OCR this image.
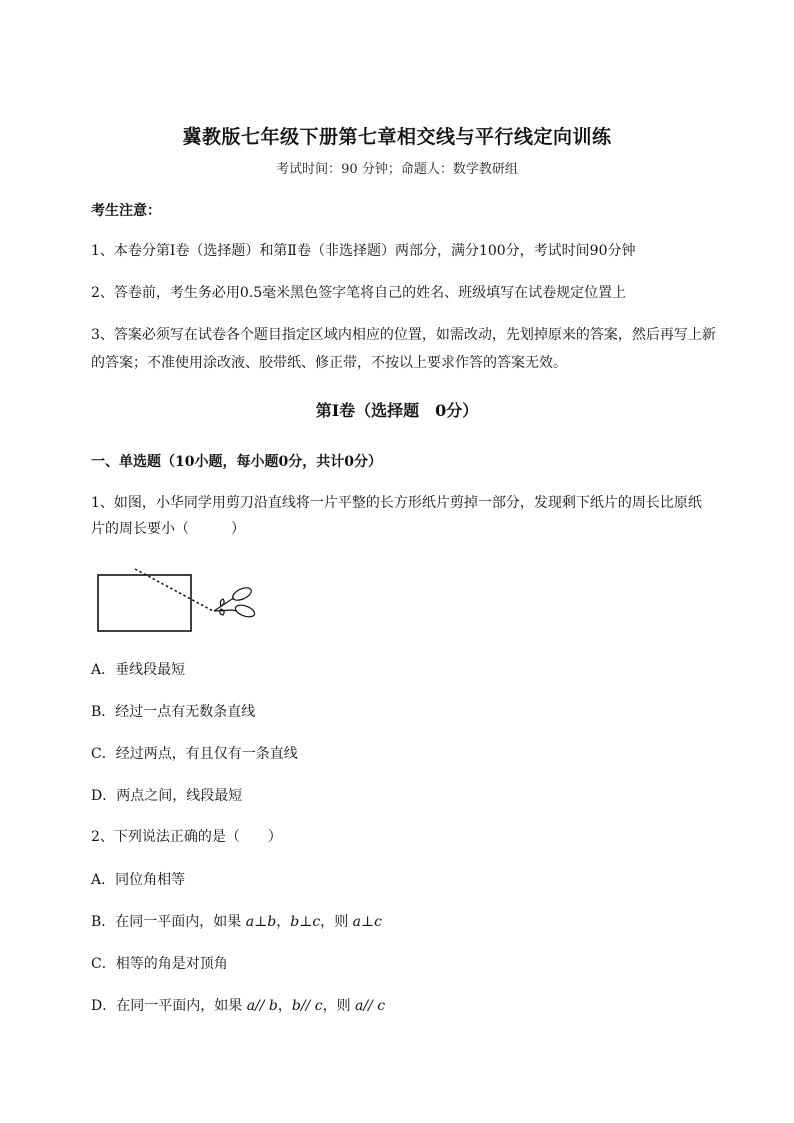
冀教版七年级下册第七章相交线与平行线定向训练
考试时间：90 分钟；命题人：数学教研组
考生注意：
1、本卷分第Ⅰ卷（选择题）和第Ⅱ卷（非选择题）两部分，满分100分，考试时间90分钟
2、答卷前，考生务必用0.5毫米黑色签字笔将自己的姓名、班级填写在试卷规定位置上
3、答案必须写在试卷各个题目指定区域内相应的位置，如需改动，先划掉原来的答案，然后再写上新
的答案；不准使用涂改液、胶带纸、修正带，不按以上要求作答的答案无效。
第Ⅰ卷（选择题　0分）
一、单选题（10小题，每小题0分，共计0分）
1、如图，小华同学用剪刀沿直线将一片平整的长方形纸片剪掉一部分，发现剩下纸片的周长比原纸
片的周长要小（　　　）
A．垂线段最短
B．经过一点有无数条直线
C．经过两点，有且仅有一条直线
D．两点之间，线段最短
2、下列说法正确的是（　　）
A．同位角相等
B．在同一平面内，如果 a⊥b，b⊥c，则 a⊥c
C．相等的角是对顶角
D．在同一平面内，如果 a// b，b// c，则 a// c
